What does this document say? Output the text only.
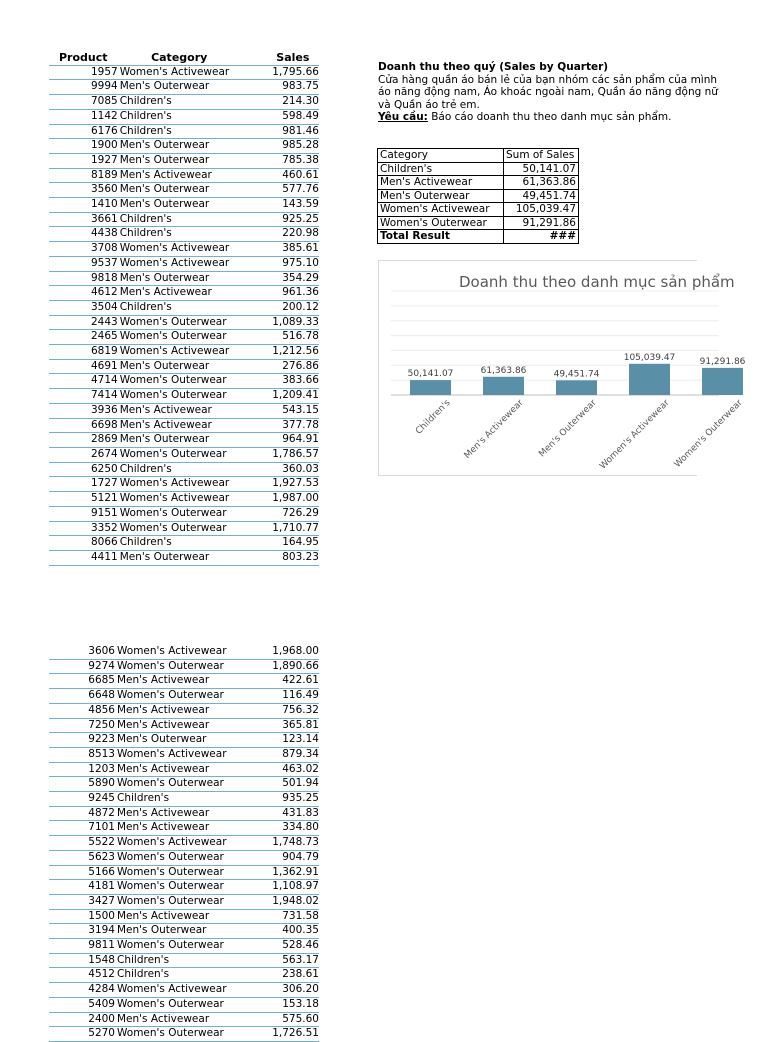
Product	Category	Sales
1957	Women's Activewear	1,795.66
9994	Men's Outerwear	983.75
7085	Children's	214.30
1142	Children's	598.49
6176	Children's	981.46
1900	Men's Outerwear	985.28
1927	Men's Outerwear	785.38
8189	Men's Activewear	460.61
3560	Men's Outerwear	577.76
1410	Men's Outerwear	143.59
3661	Children's	925.25
4438	Children's	220.98
3708	Women's Activewear	385.61
9537	Women's Activewear	975.10
9818	Men's Outerwear	354.29
4612	Men's Activewear	961.36
3504	Children's	200.12
2443	Women's Outerwear	1,089.33
2465	Women's Outerwear	516.78
6819	Women's Activewear	1,212.56
4691	Men's Outerwear	276.86
4714	Women's Outerwear	383.66
7414	Women's Outerwear	1,209.41
3936	Men's Activewear	543.15
6698	Men's Activewear	377.78
2869	Men's Outerwear	964.91
2674	Women's Outerwear	1,786.57
6250	Children's	360.03
1727	Women's Activewear	1,927.53
5121	Women's Activewear	1,987.00
9151	Women's Outerwear	726.29
3352	Women's Outerwear	1,710.77
8066	Children's	164.95
4411	Men's Outerwear	803.23
3606	Women's Activewear	1,968.00
9274	Women's Outerwear	1,890.66
6685	Men's Activewear	422.61
6648	Women's Outerwear	116.49
4856	Men's Activewear	756.32
7250	Men's Activewear	365.81
9223	Men's Outerwear	123.14
8513	Women's Activewear	879.34
1203	Men's Activewear	463.02
5890	Women's Outerwear	501.94
9245	Children's	935.25
4872	Men's Activewear	431.83
7101	Men's Activewear	334.80
5522	Women's Activewear	1,748.73
5623	Women's Outerwear	904.79
5166	Women's Outerwear	1,362.91
4181	Women's Outerwear	1,108.97
3427	Women's Outerwear	1,948.02
1500	Men's Activewear	731.58
3194	Men's Outerwear	400.35
9811	Women's Outerwear	528.46
1548	Children's	563.17
4512	Children's	238.61
4284	Women's Activewear	306.20
5409	Women's Outerwear	153.18
2400	Men's Activewear	575.60
5270	Women's Outerwear	1,726.51
Doanh thu theo quý (Sales by Quarter)
Cửa hàng quần áo bán lẻ của bạn nhóm các sản phẩm của mình
áo năng động nam, Áo khoác ngoài nam, Quần áo năng động nữ
và Quần áo trẻ em.
Yêu cầu: Báo cáo doanh thu theo danh mục sản phẩm.
Category	Sum of Sales
Children's	50,141.07
Men's Activewear	61,363.86
Men's Outerwear	49,451.74
Women's Activewear	105,039.47
Women's Outerwear	91,291.86
Total Result	###
Doanh thu theo danh mục sản phẩm
50,141.07
Children's
61,363.86
Men's Activewear
49,451.74
Men's Outerwear
105,039.47
Women's Activewear
91,291.86
Women's Outerwear
